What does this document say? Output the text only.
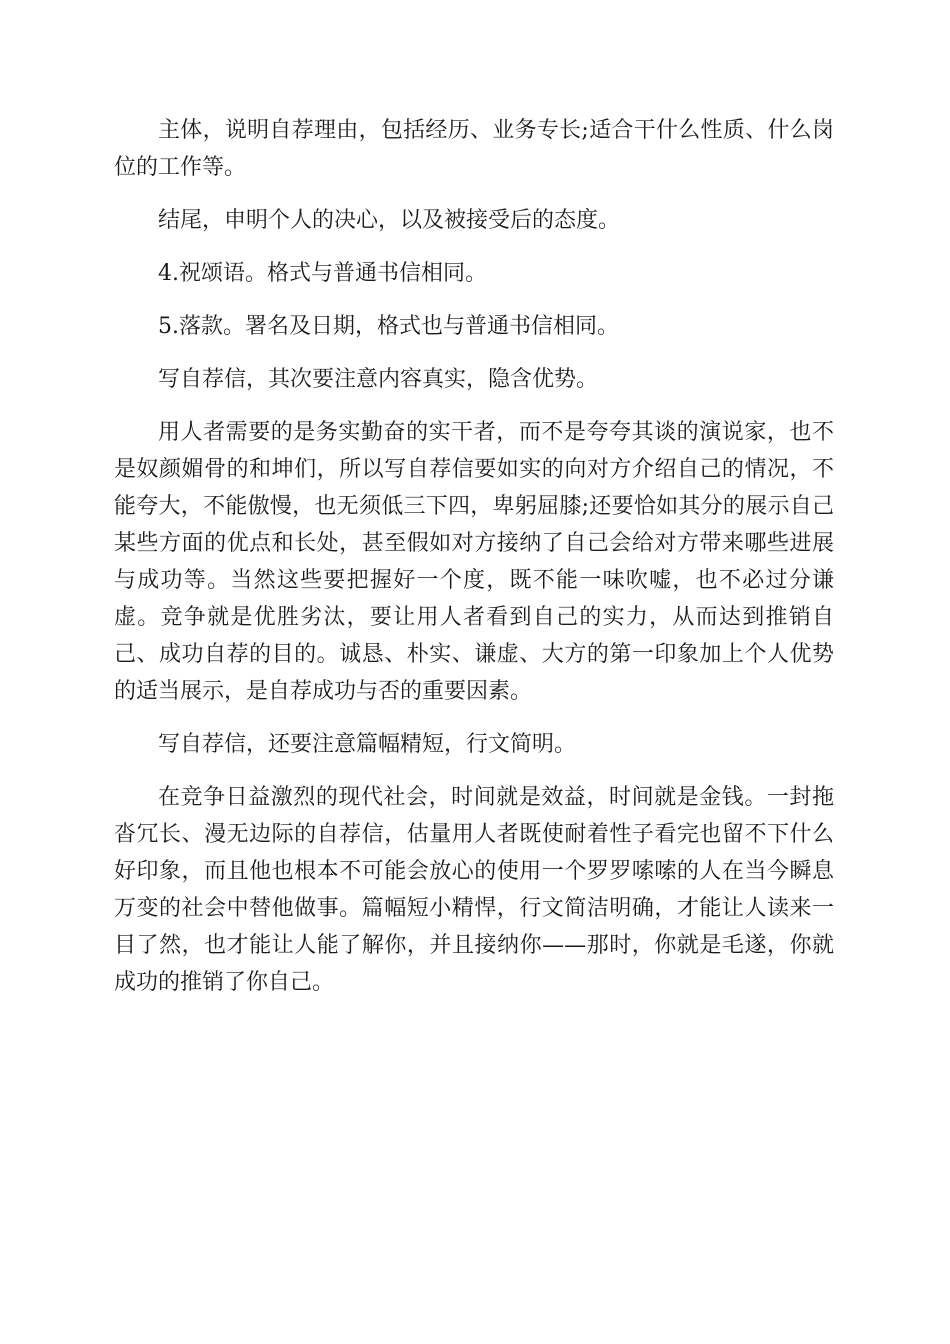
主体，说明自荐理由，包括经历、业务专长;适合干什么性质、什么岗位的工作等。

结尾，申明个人的决心，以及被接受后的态度。

4.祝颂语。格式与普通书信相同。

5.落款。署名及日期，格式也与普通书信相同。

写自荐信，其次要注意内容真实，隐含优势。

用人者需要的是务实勤奋的实干者，而不是夸夸其谈的演说家，也不是奴颜媚骨的和坤们，所以写自荐信要如实的向对方介绍自己的情况，不能夸大，不能傲慢，也无须低三下四，卑躬屈膝;还要恰如其分的展示自己某些方面的优点和长处，甚至假如对方接纳了自己会给对方带来哪些进展与成功等。当然这些要把握好一个度，既不能一味吹嘘，也不必过分谦虚。竞争就是优胜劣汰，要让用人者看到自己的实力，从而达到推销自己、成功自荐的目的。诚恳、朴实、谦虚、大方的第一印象加上个人优势的适当展示，是自荐成功与否的重要因素。

写自荐信，还要注意篇幅精短，行文简明。

在竞争日益激烈的现代社会，时间就是效益，时间就是金钱。一封拖沓冗长、漫无边际的自荐信，估量用人者既使耐着性子看完也留不下什么好印象，而且他也根本不可能会放心的使用一个罗罗嗦嗦的人在当今瞬息万变的社会中替他做事。篇幅短小精悍，行文简洁明确，才能让人读来一目了然，也才能让人能了解你，并且接纳你——那时，你就是毛遂，你就成功的推销了你自己。
